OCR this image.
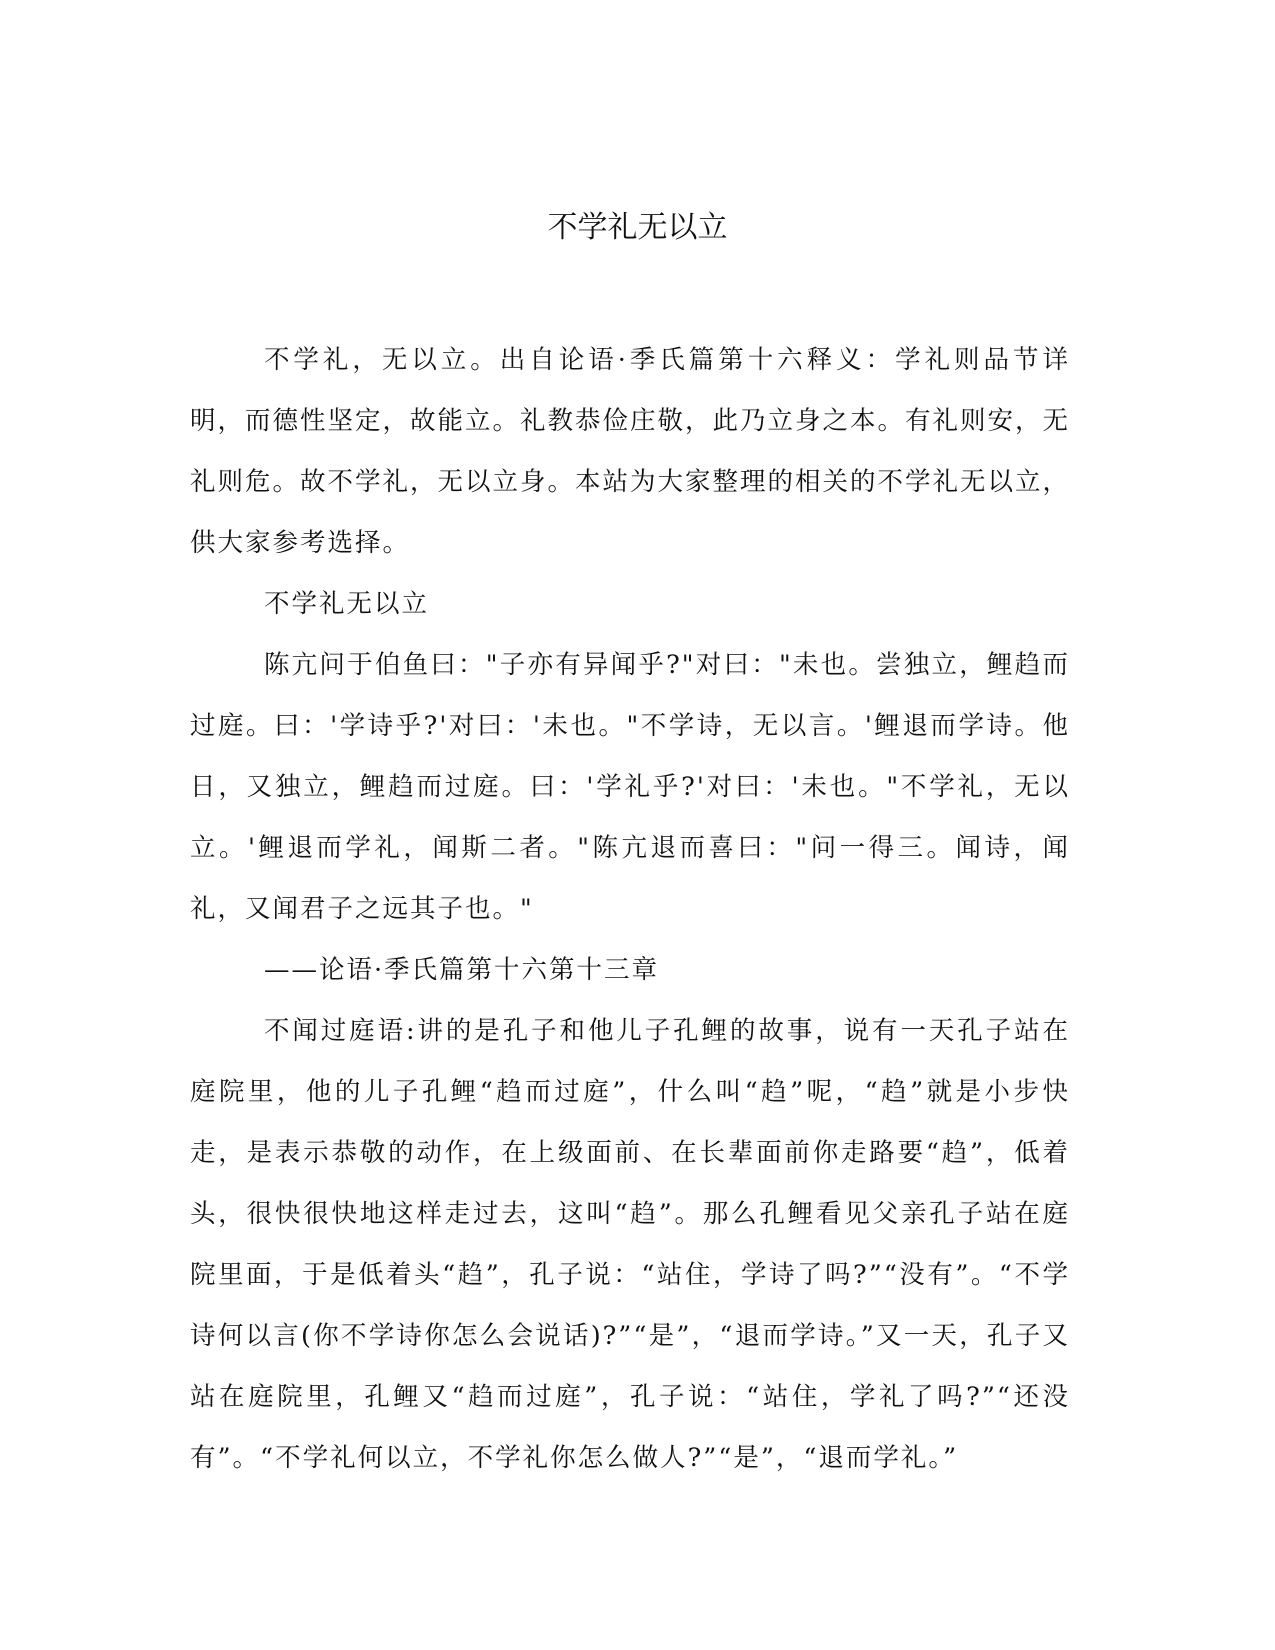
不学礼无以立

不学礼，无以立。出自论语·季氏篇第十六释义：学礼则品节详明，而德性坚定，故能立。礼教恭俭庄敬，此乃立身之本。有礼则安，无礼则危。故不学礼，无以立身。本站为大家整理的相关的不学礼无以立，供大家参考选择。

不学礼无以立

陈亢问于伯鱼曰："子亦有异闻乎?"对曰："未也。尝独立，鲤趋而过庭。曰：'学诗乎?'对曰：'未也。"不学诗，无以言。'鲤退而学诗。他日，又独立，鲤趋而过庭。曰：'学礼乎?'对曰：'未也。"不学礼，无以立。'鲤退而学礼，闻斯二者。"陈亢退而喜曰："问一得三。闻诗，闻礼，又闻君子之远其子也。"

——论语·季氏篇第十六第十三章

不闻过庭语:讲的是孔子和他儿子孔鲤的故事，说有一天孔子站在庭院里，他的儿子孔鲤“趋而过庭”，什么叫“趋”呢，“趋”就是小步快走，是表示恭敬的动作，在上级面前、在长辈面前你走路要“趋”，低着头，很快很快地这样走过去，这叫“趋”。那么孔鲤看见父亲孔子站在庭院里面，于是低着头“趋”，孔子说：“站住，学诗了吗?”“没有”。“不学诗何以言(你不学诗你怎么会说话)?”“是”，“退而学诗。”又一天，孔子又站在庭院里，孔鲤又“趋而过庭”，孔子说：“站住，学礼了吗?”“还没有”。“不学礼何以立，不学礼你怎么做人?”“是”，“退而学礼。”
